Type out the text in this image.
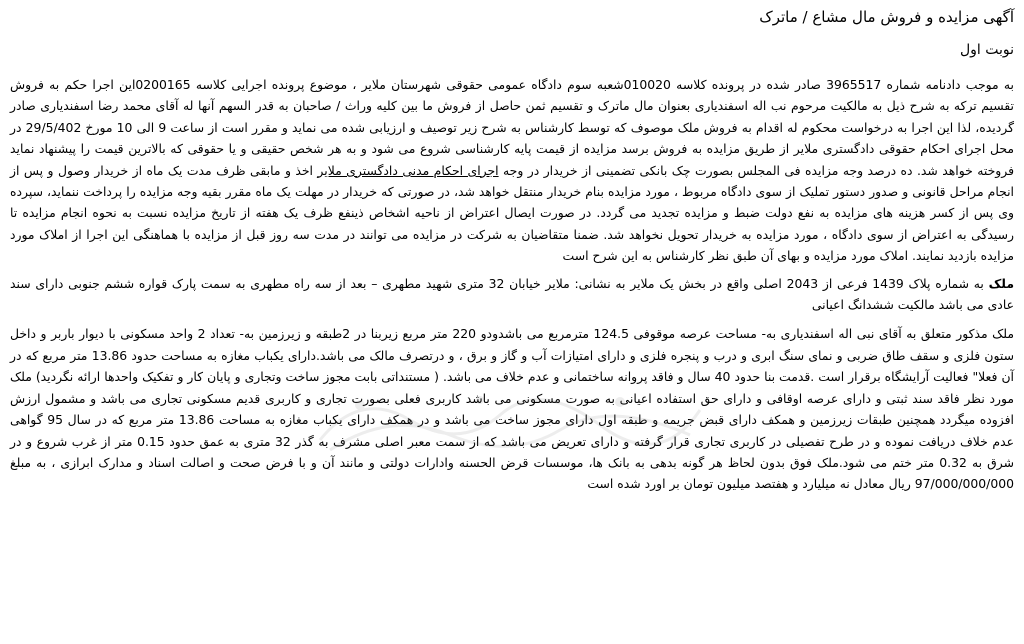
آگهی مزایده و فروش مال مشاع / ماترک
نوبت اول

به موجب دادنامه شماره 3965517 صادر شده در پرونده کلاسه 010020شعبه سوم دادگاه عمومی حقوقی شهرستان ملایر ، موضوع پرونده اجرایی کلاسه 0200165این اجرا حکم به فروش تقسیم ترکه به شرح ذیل به مالکیت مرحوم نب اله اسفندیاری بعنوان مال ماترک و تقسیم ثمن حاصل از فروش ما بین کلیه وراث / صاحبان به قدر السهم آنها له آقای محمد رضا اسفندیاری صادر گردیده، لذا این اجرا به درخواست محکوم له اقدام به فروش ملک موصوف که توسط کارشناس به شرح زیر توصیف و ارزیابی شده می نماید و مقرر است از ساعت 9 الی 10 مورخ 29/5/402 در محل اجرای احکام حقوقی دادگستری ملایر از طریق مزایده به فروش برسد مزایده از قیمت پایه کارشناسی شروع می شود و به هر شخص حقیقی و یا حقوقی که بالاترین قیمت را پیشنهاد نماید فروخته خواهد شد. ده درصد وجه مزایده فی المجلس بصورت چک بانکی تضمینی از خریدار در وجه اجرای احکام مدنی دادگستری ملایر اخذ و مابقی ظرف مدت یک ماه از خریدار وصول و پس از انجام مراحل قانونی و صدور دستور تملیک از سوی دادگاه مربوط ، مورد مزایده بنام خریدار منتقل خواهد شد، در صورتی که خریدار در مهلت یک ماه مقرر بقیه وجه مزایده را پرداخت ننماید، سپرده وی پس از کسر هزینه های مزایده به نفع دولت ضبط و مزایده تجدید می گردد. در صورت ایصال اعتراض از ناحیه اشخاص ذینفع ظرف یک هفته از تاریخ مزایده نسبت به نحوه انجام مزایده تا رسیدگی به اعتراض از سوی دادگاه ، مورد مزایده به خریدار تحویل نخواهد شد. ضمنا متقاضیان به شرکت در مزایده می توانند در مدت سه روز قبل از مزایده با هماهنگی این اجرا از املاک مورد مزایده بازدید نمایند. املاک مورد مزایده و بهای آن طبق نظر کارشناس به این شرح است

ملک به شماره پلاک 1439 فرعی از 2043 اصلی واقع در بخش یک ملایر به نشانی: ملایر خیابان 32 متری شهید مطهری – بعد از سه راه مطهری به سمت پارک قواره ششم جنوبی دارای سند عادی می باشد مالکیت ششدانگ اعیانی

ملک مذکور متعلق به آقای نبی اله اسفندیاری به- مساحت عرصه موقوفی 124.5 مترمربع می باشدودو 220 متر مربع زیربنا در 2طبقه و زیرزمین به- تعداد 2 واحد مسکونی با دیوار باربر و داخل ستون فلزی و سقف طاق ضربی و نمای سنگ ابری و درب و پنجره فلزی و دارای امتیازات آب و گاز و برق ، و درتصرف مالک می باشد.دارای یکباب مغازه به مساحت حدود 13.86 متر مربع که در آن فعلا" فعالیت آرایشگاه برقرار است .قدمت بنا حدود 40 سال و فاقد پروانه ساختمانی و عدم خلاف می باشد. ( مستنداتی بابت مجوز ساخت وتجاری و پایان کار و تفکیک واحدها ارائه نگردید) ملک مورد نظر فاقد سند ثبتی و دارای عرصه اوقافی و دارای حق استفاده اعیانی به صورت مسکونی می باشد کاربری فعلی بصورت تجاری و کاربری قدیم مسکونی تجاری می باشد و مشمول ارزش افزوده میگردد همچنین طبقات زیرزمین و همکف دارای قبض جریمه و طبقه اول دارای مجوز ساخت می باشد و در همکف دارای یکباب مغازه به مساحت 13.86 متر مربع که در سال 95 گواهی عدم خلاف دریافت نموده و در طرح تفصیلی در کاربری تجاری قرار گرفته و دارای تعریض می باشد که از سمت معبر اصلی مشرف به گذر 32 متری به عمق حدود 0.15 متر از غرب شروع و در شرق به 0.32 متر ختم می شود.ملک فوق بدون لحاظ هر گونه بدهی به بانک ها، موسسات قرض الحسنه وادارات دولتی و مانند آن و با فرض صحت و اصالت اسناد و مدارک ابرازی ، به مبلغ 97/000/000/000 ریال معادل نه میلیارد و هفتصد میلیون تومان بر اورد شده است
